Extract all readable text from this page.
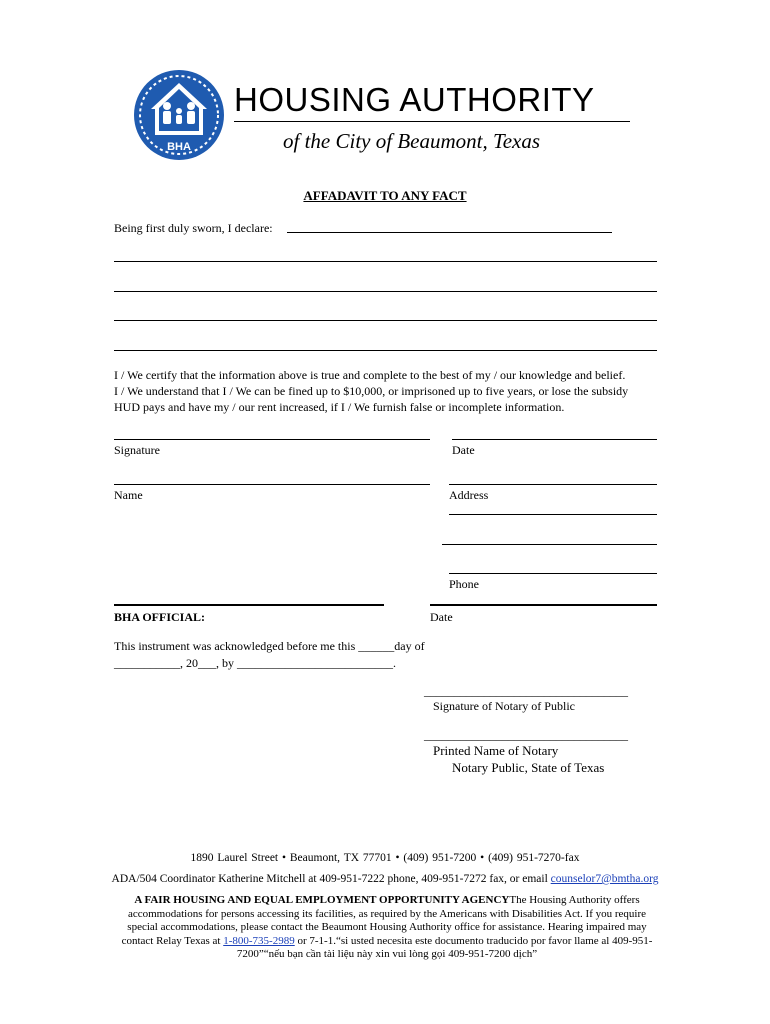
BHA
HOUSING AUTHORITY
of the City of Beaumont, Texas
AFFADAVIT TO ANY FACT
Being first duly sworn, I declare:
I / We certify that the information above is true and complete to the best of my / our knowledge and belief.
I / We understand that I / We can be fined up to $10,000, or imprisoned up to five years, or lose the subsidy
HUD pays and have my / our rent increased, if I / We furnish false or incomplete information.
Signature	Date
Name	Address
Phone
BHA OFFICIAL:	Date
This instrument was acknowledged before me this ______day of
___________, 20___, by __________________________.
__________________________________
Signature of Notary of Public
__________________________________
Printed Name of Notary
Notary Public, State of Texas
1890 Laurel Street • Beaumont, TX 77701 • (409) 951-7200 • (409) 951-7270-fax
ADA/504 Coordinator Katherine Mitchell at 409-951-7222 phone, 409-951-7272 fax, or email counselor7@bmtha.org
A FAIR HOUSING AND EQUAL EMPLOYMENT OPPORTUNITY AGENCYThe Housing Authority offers accommodations for persons accessing its facilities, as required by the Americans with Disabilities Act. If you require special accommodations, please contact the Beaumont Housing Authority office for assistance. Hearing impaired may contact Relay Texas at 1-800-735-2989 or 7-1-1.“si usted necesita este documento traducido por favor llame al 409-951-7200”“nếu bạn cần tài liệu này xin vui lòng gọi 409-951-7200 dịch”
